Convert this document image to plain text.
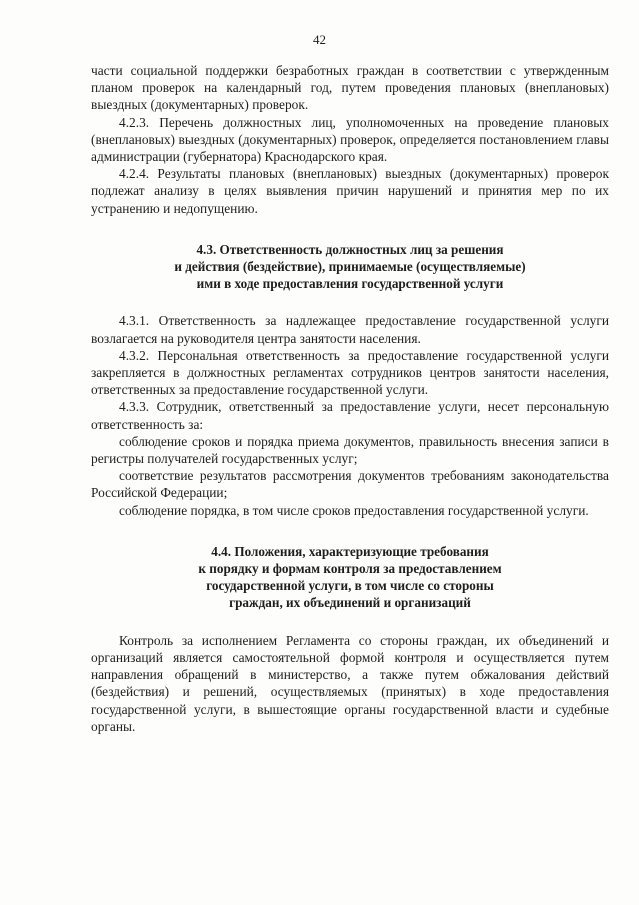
42

части социальной поддержки безработных граждан в соответствии с утвержденным планом проверок на календарный год, путем проведения плановых (внеплановых) выездных (документарных) проверок.

4.2.3. Перечень должностных лиц, уполномоченных на проведение плановых (внеплановых) выездных (документарных) проверок, определяется постановлением главы администрации (губернатора) Краснодарского края.

4.2.4. Результаты плановых (внеплановых) выездных (документарных) проверок подлежат анализу в целях выявления причин нарушений и принятия мер по их устранению и недопущению.

4.3. Ответственность должностных лиц за решения
и действия (бездействие), принимаемые (осуществляемые)
ими в ходе предоставления государственной услуги

4.3.1. Ответственность за надлежащее предоставление государственной услуги возлагается на руководителя центра занятости населения.

4.3.2. Персональная ответственность за предоставление государственной услуги закрепляется в должностных регламентах сотрудников центров занятости населения, ответственных за предоставление государственной услуги.

4.3.3. Сотрудник, ответственный за предоставление услуги, несет персональную ответственность за:

соблюдение сроков и порядка приема документов, правильность внесения записи в регистры получателей государственных услуг;

соответствие результатов рассмотрения документов требованиям законодательства Российской Федерации;

соблюдение порядка, в том числе сроков предоставления государственной услуги.

4.4. Положения, характеризующие требования
к порядку и формам контроля за предоставлением
государственной услуги, в том числе со стороны
граждан, их объединений и организаций

Контроль за исполнением Регламента со стороны граждан, их объединений и организаций является самостоятельной формой контроля и осуществляется путем направления обращений в министерство, а также путем обжалования действий (бездействия) и решений, осуществляемых (принятых) в ходе предоставления государственной услуги, в вышестоящие органы государственной власти и судебные органы.
